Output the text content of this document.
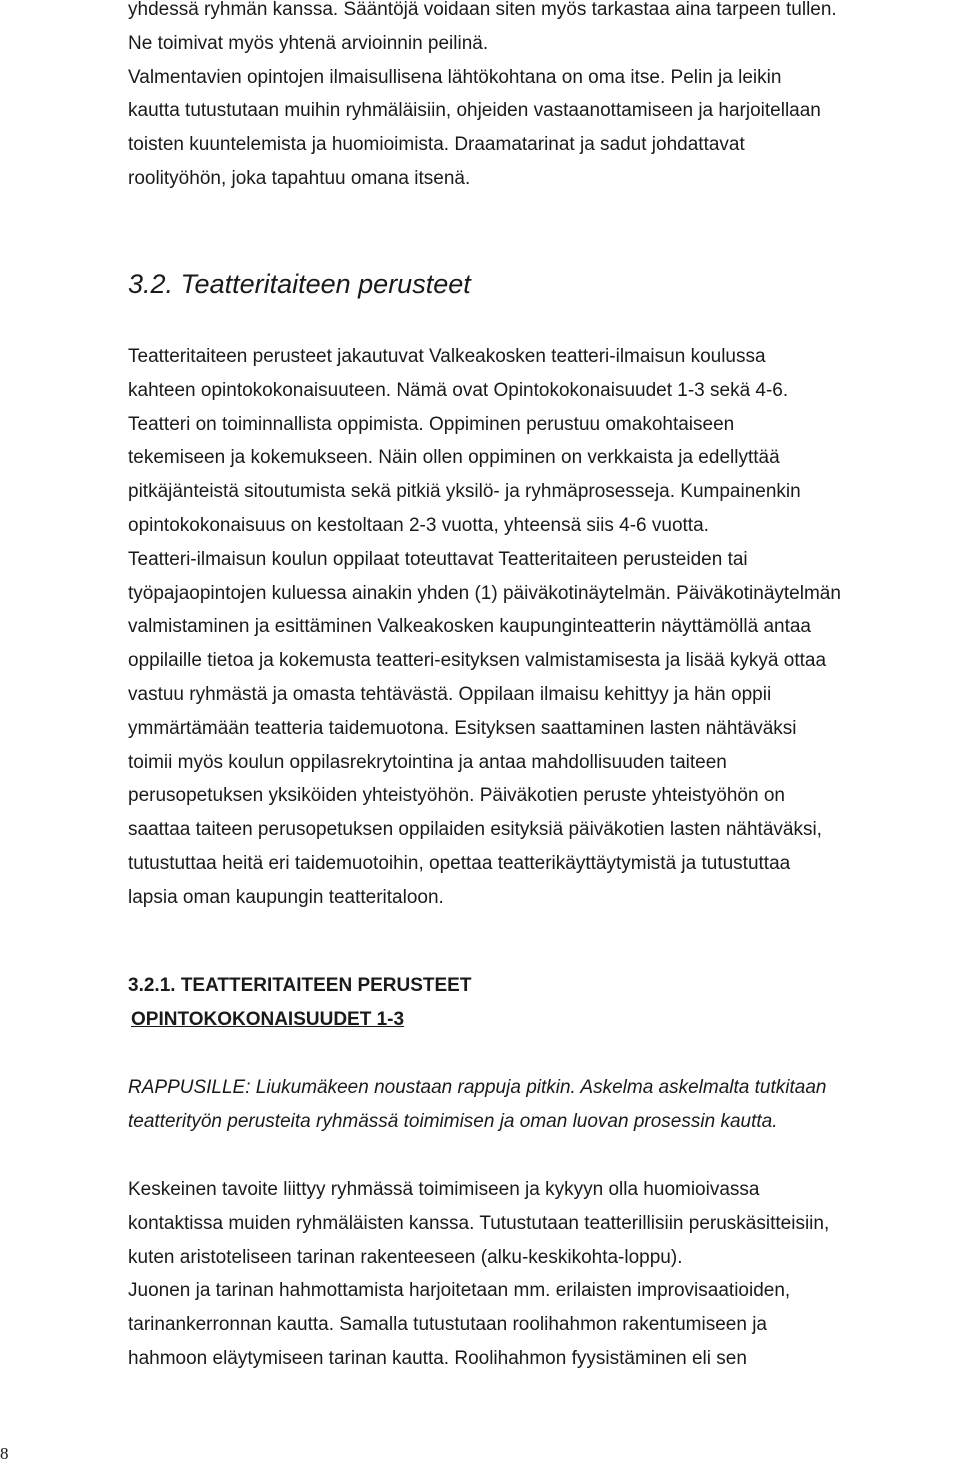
yhdessä ryhmän kanssa. Sääntöjä voidaan siten myös tarkastaa aina tarpeen tullen.
Ne toimivat myös yhtenä arvioinnin peilinä.
Valmentavien opintojen ilmaisullisena lähtökohtana on oma itse. Pelin ja leikin
kautta tutustutaan muihin ryhmäläisiin, ohjeiden vastaanottamiseen ja harjoitellaan
toisten kuuntelemista ja huomioimista. Draamatarinat ja sadut johdattavat
roolityöhön, joka tapahtuu omana itsenä.
3.2. Teatteritaiteen perusteet
Teatteritaiteen perusteet jakautuvat Valkeakosken teatteri-ilmaisun koulussa
kahteen opintokokonaisuuteen. Nämä ovat Opintokokonaisuudet 1-3 sekä 4-6.
Teatteri on toiminnallista oppimista. Oppiminen perustuu omakohtaiseen
tekemiseen ja kokemukseen. Näin ollen oppiminen on verkkaista ja edellyttää
pitkäjänteistä sitoutumista sekä pitkiä yksilö- ja ryhmäprosesseja. Kumpainenkin
opintokokonaisuus on kestoltaan 2-3 vuotta, yhteensä siis 4-6 vuotta.
Teatteri-ilmaisun koulun oppilaat toteuttavat Teatteritaiteen perusteiden tai
työpajaopintojen kuluessa ainakin yhden (1) päiväkotinäytelmän. Päiväkotinäytelmän
valmistaminen ja esittäminen Valkeakosken kaupunginteatterin näyttämöllä antaa
oppilaille tietoa ja kokemusta teatteri-esityksen valmistamisesta ja lisää kykyä ottaa
vastuu ryhmästä ja omasta tehtävästä. Oppilaan ilmaisu kehittyy ja hän oppii
ymmärtämään teatteria taidemuotona. Esityksen saattaminen lasten nähtäväksi
toimii myös koulun oppilasrekrytointina ja antaa mahdollisuuden taiteen
perusopetuksen yksiköiden yhteistyöhön. Päiväkotien peruste yhteistyöhön on
saattaa taiteen perusopetuksen oppilaiden esityksiä päiväkotien lasten nähtäväksi,
tutustuttaa heitä eri taidemuotoihin, opettaa teatterikäyttäytymistä ja tutustuttaa
lapsia oman kaupungin teatteritaloon.
3.2.1. TEATTERITAITEEN PERUSTEET
OPINTOKOKONAISUUDET 1-3
RAPPUSILLE: Liukumäkeen noustaan rappuja pitkin. Askelma askelmalta tutkitaan
teatterityön perusteita ryhmässä toimimisen ja oman luovan prosessin kautta.
Keskeinen tavoite liittyy ryhmässä toimimiseen ja kykyyn olla huomioivassa
kontaktissa muiden ryhmäläisten kanssa. Tutustutaan teatterillisiin peruskäsitteisiin,
kuten aristoteliseen tarinan rakenteeseen (alku-keskikohta-loppu).
Juonen ja tarinan hahmottamista harjoitetaan mm. erilaisten improvisaatioiden,
tarinankerronnan kautta. Samalla tutustutaan roolihahmon rakentumiseen ja
hahmoon eläytymiseen tarinan kautta. Roolihahmon fyysistäminen eli sen
8
